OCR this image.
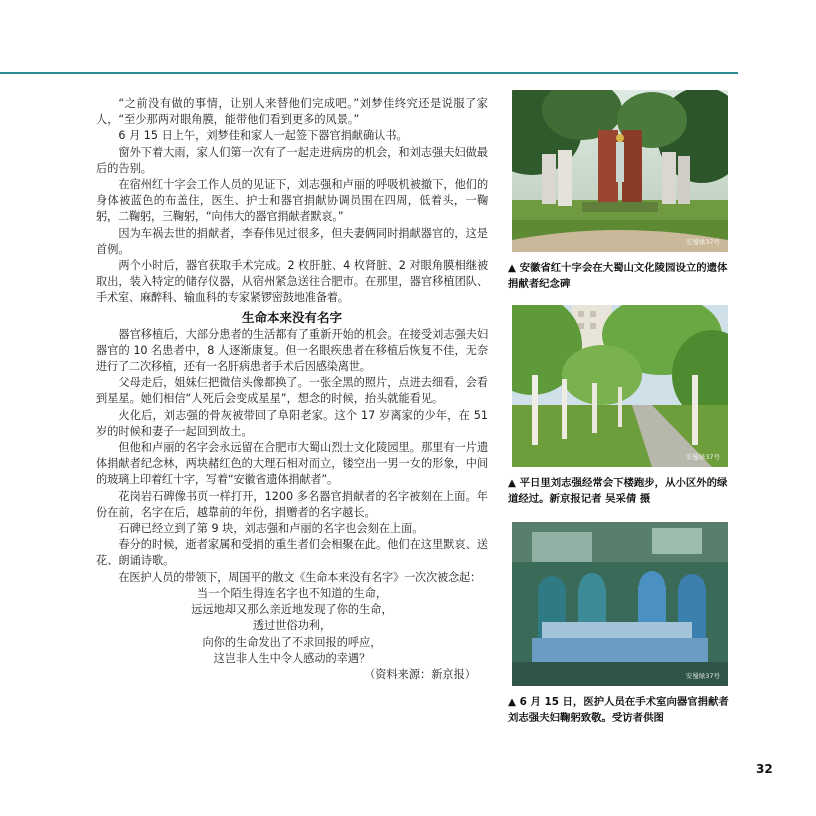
“之前没有做的事情，让别人来替他们完成吧。”刘梦佳终究还是说服了家人，“至少那两对眼角膜，能带他们看到更多的风景。”

6 月 15 日上午，刘梦佳和家人一起签下器官捐献确认书。

窗外下着大雨，家人们第一次有了一起走进病房的机会，和刘志强夫妇做最后的告别。

在宿州红十字会工作人员的见证下，刘志强和卢丽的呼吸机被撤下，他们的身体被蓝色的布盖住，医生、护士和器官捐献协调员围在四周，低着头，一鞠躬，二鞠躬，三鞠躬，“向伟大的器官捐献者默哀。”

因为车祸去世的捐献者，李春伟见过很多，但夫妻俩同时捐献器官的，这是首例。

两个小时后，器官获取手术完成。2 枚肝脏、4 枚肾脏、2 对眼角膜相继被取出，装入特定的储存仪器，从宿州紧急送往合肥市。在那里，器官移植团队、手术室、麻醉科、输血科的专家紧锣密鼓地准备着。

生命本来没有名字

器官移植后，大部分患者的生活都有了重新开始的机会。在接受刘志强夫妇器官的 10 名患者中，8 人逐渐康复。但一名眼疾患者在移植后恢复不佳，无奈进行了二次移植，还有一名肝病患者手术后因感染离世。

父母走后，姐妹仨把微信头像都换了。一张全黑的照片，点进去细看，会看到星星。她们相信“人死后会变成星星”，想念的时候，抬头就能看见。

火化后，刘志强的骨灰被带回了阜阳老家。这个 17 岁离家的少年，在 51 岁的时候和妻子一起回到故土。

但他和卢丽的名字会永远留在合肥市大蜀山烈士文化陵园里。那里有一片遗体捐献者纪念林，两块赭红色的大理石相对而立，镂空出一男一女的形象，中间的玻璃上印着红十字，写着“安徽省遗体捐献者”。

花岗岩石碑像书页一样打开，1200 多名器官捐献者的名字被刻在上面。年份在前，名字在后，越靠前的年份，捐赠者的名字越长。

石碑已经立到了第 9 块，刘志强和卢丽的名字也会刻在上面。

春分的时候，逝者家属和受捐的重生者们会相聚在此。他们在这里默哀、送花、朗诵诗歌。

在医护人员的带领下，周国平的散文《生命本来没有名字》一次次被念起：

当一个陌生得连名字也不知道的生命，
远远地却又那么亲近地发现了你的生命，
透过世俗功利，
向你的生命发出了不求回报的呼应，
这岂非人生中令人感动的幸遇？
（资料来源：新京报）
安蜀绿37号
▲ 安徽省红十字会在大蜀山文化陵园设立的遗体捐献者纪念碑
安蜀绿37号
▲ 平日里刘志强经常会下楼跑步，从小区外的绿道经过。新京报记者 吴采倩 摄
安蜀绿37号
▲ 6 月 15 日，医护人员在手术室向器官捐献者刘志强夫妇鞠躬致敬。受访者供图
32
